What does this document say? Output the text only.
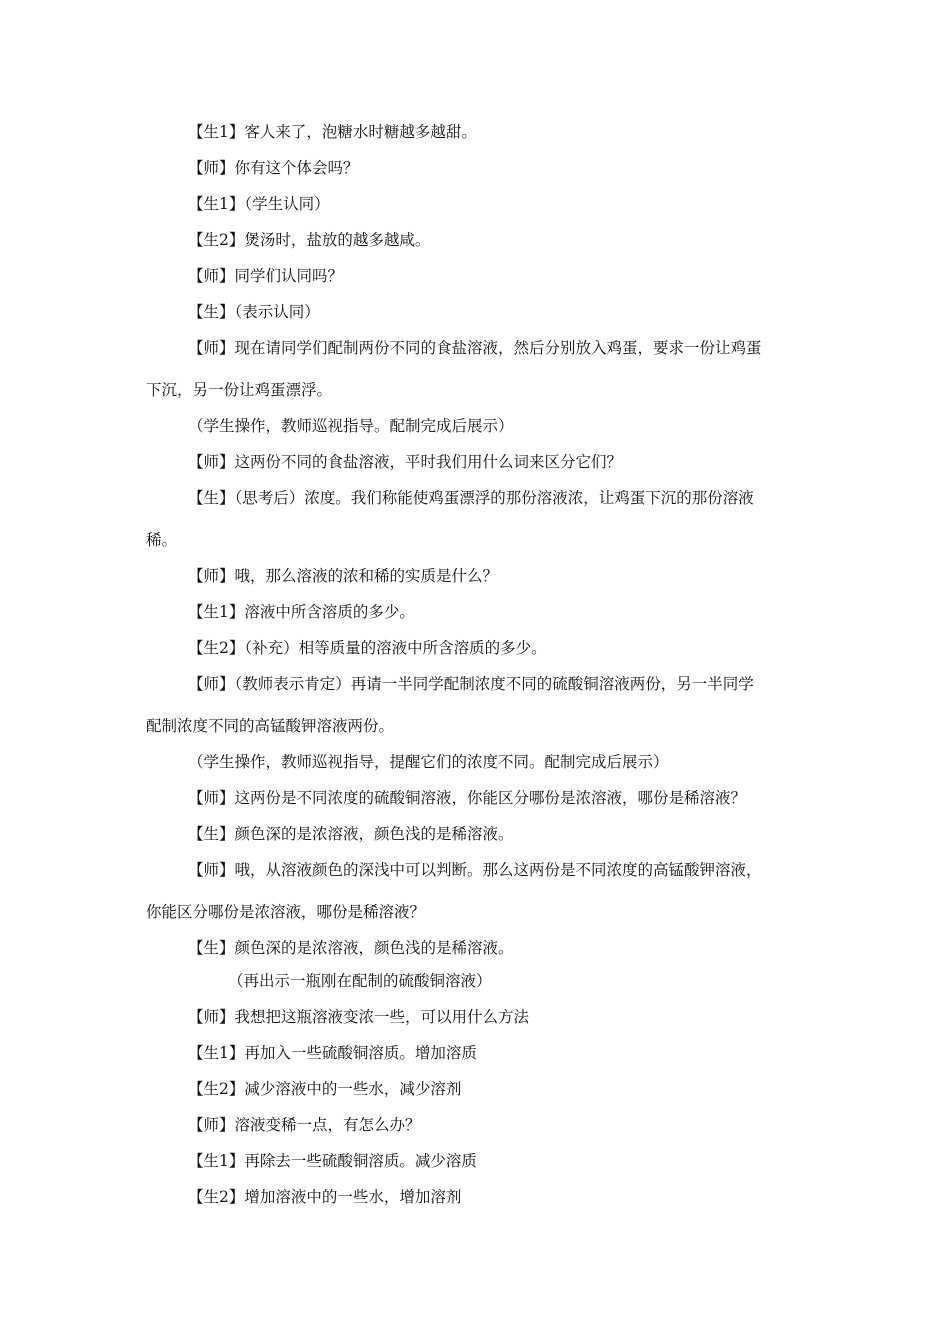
【生1】客人来了，泡糖水时糖越多越甜。
【师】你有这个体会吗？
【生1】（学生认同）
【生2】煲汤时，盐放的越多越咸。
【师】同学们认同吗？
【生】（表示认同）
【师】现在请同学们配制两份不同的食盐溶液，然后分别放入鸡蛋，要求一份让鸡蛋
下沉，另一份让鸡蛋漂浮。
（学生操作，教师巡视指导。配制完成后展示）
【师】这两份不同的食盐溶液，平时我们用什么词来区分它们？
【生】（思考后）浓度。我们称能使鸡蛋漂浮的那份溶液浓，让鸡蛋下沉的那份溶液
稀。
【师】哦，那么溶液的浓和稀的实质是什么？
【生1】溶液中所含溶质的多少。
【生2】（补充）相等质量的溶液中所含溶质的多少。
【师】（教师表示肯定）再请一半同学配制浓度不同的硫酸铜溶液两份，另一半同学
配制浓度不同的高锰酸钾溶液两份。
（学生操作，教师巡视指导，提醒它们的浓度不同。配制完成后展示）
【师】这两份是不同浓度的硫酸铜溶液，你能区分哪份是浓溶液，哪份是稀溶液？
【生】颜色深的是浓溶液，颜色浅的是稀溶液。
【师】哦，从溶液颜色的深浅中可以判断。那么这两份是不同浓度的高锰酸钾溶液，
你能区分哪份是浓溶液，哪份是稀溶液？
【生】颜色深的是浓溶液，颜色浅的是稀溶液。
（再出示一瓶刚在配制的硫酸铜溶液）
【师】我想把这瓶溶液变浓一些，可以用什么方法
【生1】再加入一些硫酸铜溶质。增加溶质
【生2】减少溶液中的一些水，减少溶剂
【师】溶液变稀一点，有怎么办？
【生1】再除去一些硫酸铜溶质。减少溶质
【生2】增加溶液中的一些水，增加溶剂
